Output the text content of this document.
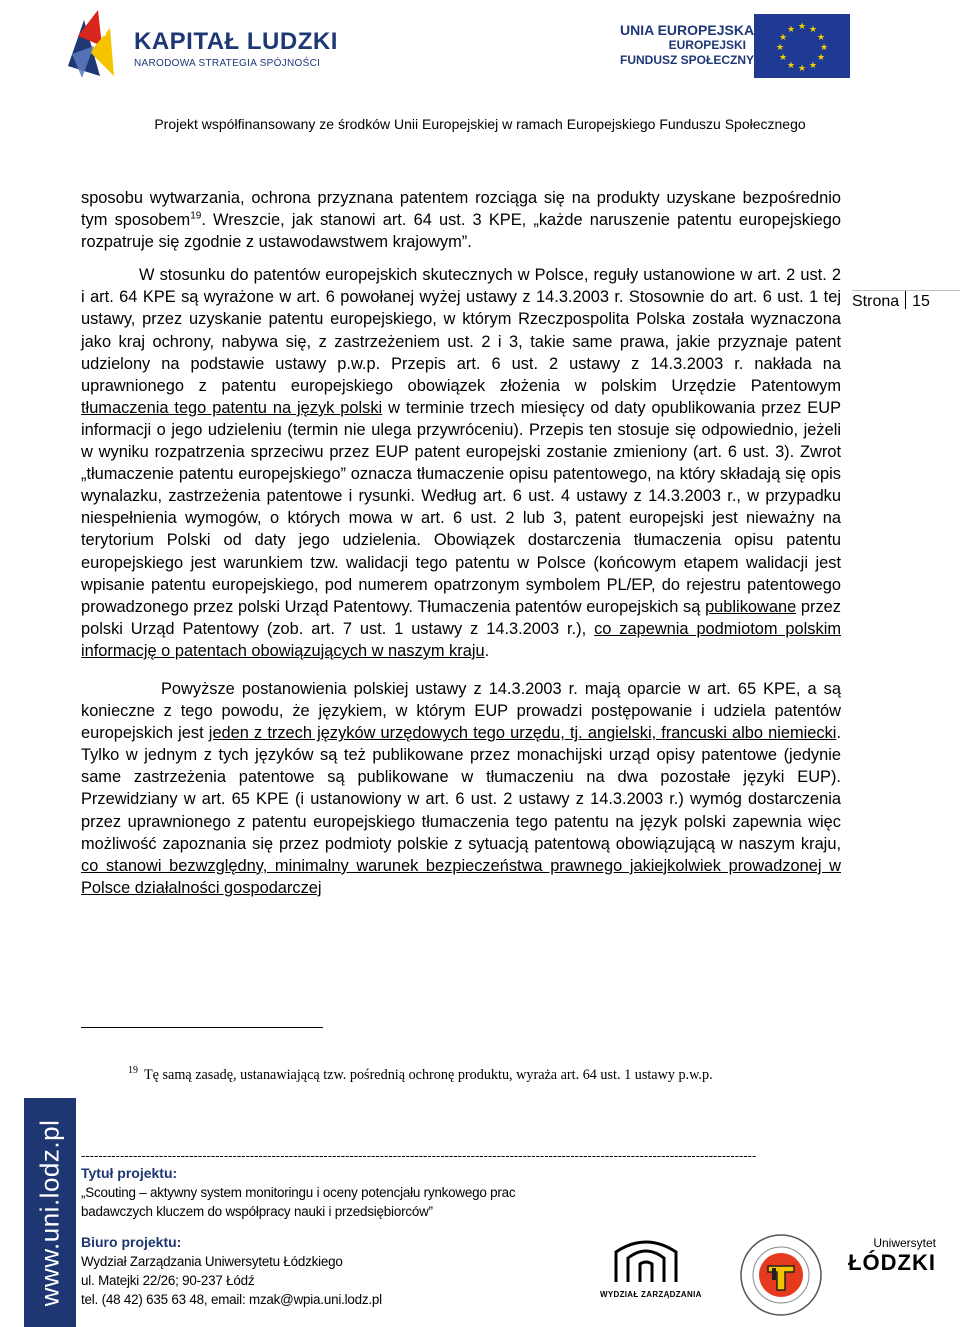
KAPITAŁ LUDZKI
NARODOWA STRATEGIA SPÓJNOŚCI
UNIA EUROPEJSKA
EUROPEJSKI
FUNDUSZ SPOŁECZNY
★ ★
★
★
★
★
★
★
★
★
★
★
Projekt współfinansowany ze środków Unii Europejskiej w ramach Europejskiego Funduszu Społecznego

sposobu wytwarzania, ochrona przyznana patentem rozciąga się na produkty uzyskane bezpośrednio tym sposobem$^{19}$. Wreszcie, jak stanowi art. 64 ust. 3 KPE, „każde naruszenie patentu europejskiego rozpatruje się zgodnie z ustawodawstwem krajowym”.

W stosunku do patentów europejskich skutecznych w Polsce, reguły ustanowione w art. 2 ust. 2 i art. 64 KPE są wyrażone w art. 6 powołanej wyżej ustawy z 14.3.2003 r. Stosownie do art. 6 ust. 1 tej ustawy, przez uzyskanie patentu europejskiego, w którym Rzeczpospolita Polska została wyznaczona jako kraj ochrony, nabywa się, z zastrzeżeniem ust. 2 i 3, takie same prawa, jakie przyznaje patent udzielony na podstawie ustawy p.w.p. Przepis art. 6 ust. 2 ustawy z 14.3.2003 r. nakłada na uprawnionego z patentu europejskiego obowiązek złożenia w polskim Urzędzie Patentowym tłumaczenia tego patentu na język polski w terminie trzech miesięcy od daty opublikowania przez EUP informacji o jego udzieleniu (termin nie ulega przywróceniu). Przepis ten stosuje się odpowiednio, jeżeli w wyniku rozpatrzenia sprzeciwu przez EUP patent europejski zostanie zmieniony (art. 6 ust. 3). Zwrot „tłumaczenie patentu europejskiego” oznacza tłumaczenie opisu patentowego, na który składają się opis wynalazku, zastrzeżenia patentowe i rysunki. Według art. 6 ust. 4 ustawy z 14.3.2003 r., w przypadku niespełnienia wymogów, o których mowa w art. 6 ust. 2 lub 3, patent europejski jest nieważny na terytorium Polski od daty jego udzielenia. Obowiązek dostarczenia tłumaczenia opisu patentu europejskiego jest warunkiem tzw. walidacji tego patentu w Polsce (końcowym etapem walidacji jest wpisanie patentu europejskiego, pod numerem opatrzonym symbolem PL/EP, do rejestru patentowego prowadzonego przez polski Urząd Patentowy. Tłumaczenia patentów europejskich są publikowane przez polski Urząd Patentowy (zob. art. 7 ust. 1 ustawy z 14.3.2003 r.), co zapewnia podmiotom polskim informację o patentach obowiązujących w naszym kraju.

Powyższe postanowienia polskiej ustawy z 14.3.2003 r. mają oparcie w art. 65 KPE, a są konieczne z tego powodu, że językiem, w którym EUP prowadzi postępowanie i udziela patentów europejskich jest jeden z trzech języków urzędowych tego urzędu, tj. angielski, francuski albo niemiecki. Tylko w jednym z tych języków są też publikowane przez monachijski urząd opisy patentowe (jedynie same zastrzeżenia patentowe są publikowane w tłumaczeniu na dwa pozostałe języki EUP). Przewidziany w art. 65 KPE (i ustanowiony w art. 6 ust. 2 ustawy z 14.3.2003 r.) wymóg dostarczenia przez uprawnionego z patentu europejskiego tłumaczenia tego patentu na język polski zapewnia więc możliwość zapoznania się przez podmioty polskie z sytuacją patentową obowiązującą w naszym kraju, co stanowi bezwzględny, minimalny warunek bezpieczeństwa prawnego jakiejkolwiek prowadzonej w Polsce działalności gospodarczej

Strona 15
$^{19}$ Tę samą zasadę, ustanawiającą tzw. pośrednią ochronę produktu, wyraża art. 64 ust. 1 ustawy p.w.p.
www.uni.lodz.pl ------------------------------------------------------------------------------------------------------------------------------------------------------------
Tytuł projektu:
„Scouting – aktywny system monitoringu i oceny potencjału rynkowego prac
badawczych kluczem do współpracy nauki i przedsiębiorców”
Biuro projektu:
Wydział Zarządzania Uniwersytetu Łódzkiego
ul. Matejki 22/26; 90-237 Łódź
tel. (48 42) 635 63 48, email: mzak@wpia.uni.lodz.pl	WYDZIAŁ ZARZĄDZANIA
Uniwersytet
ŁÓDZKI
